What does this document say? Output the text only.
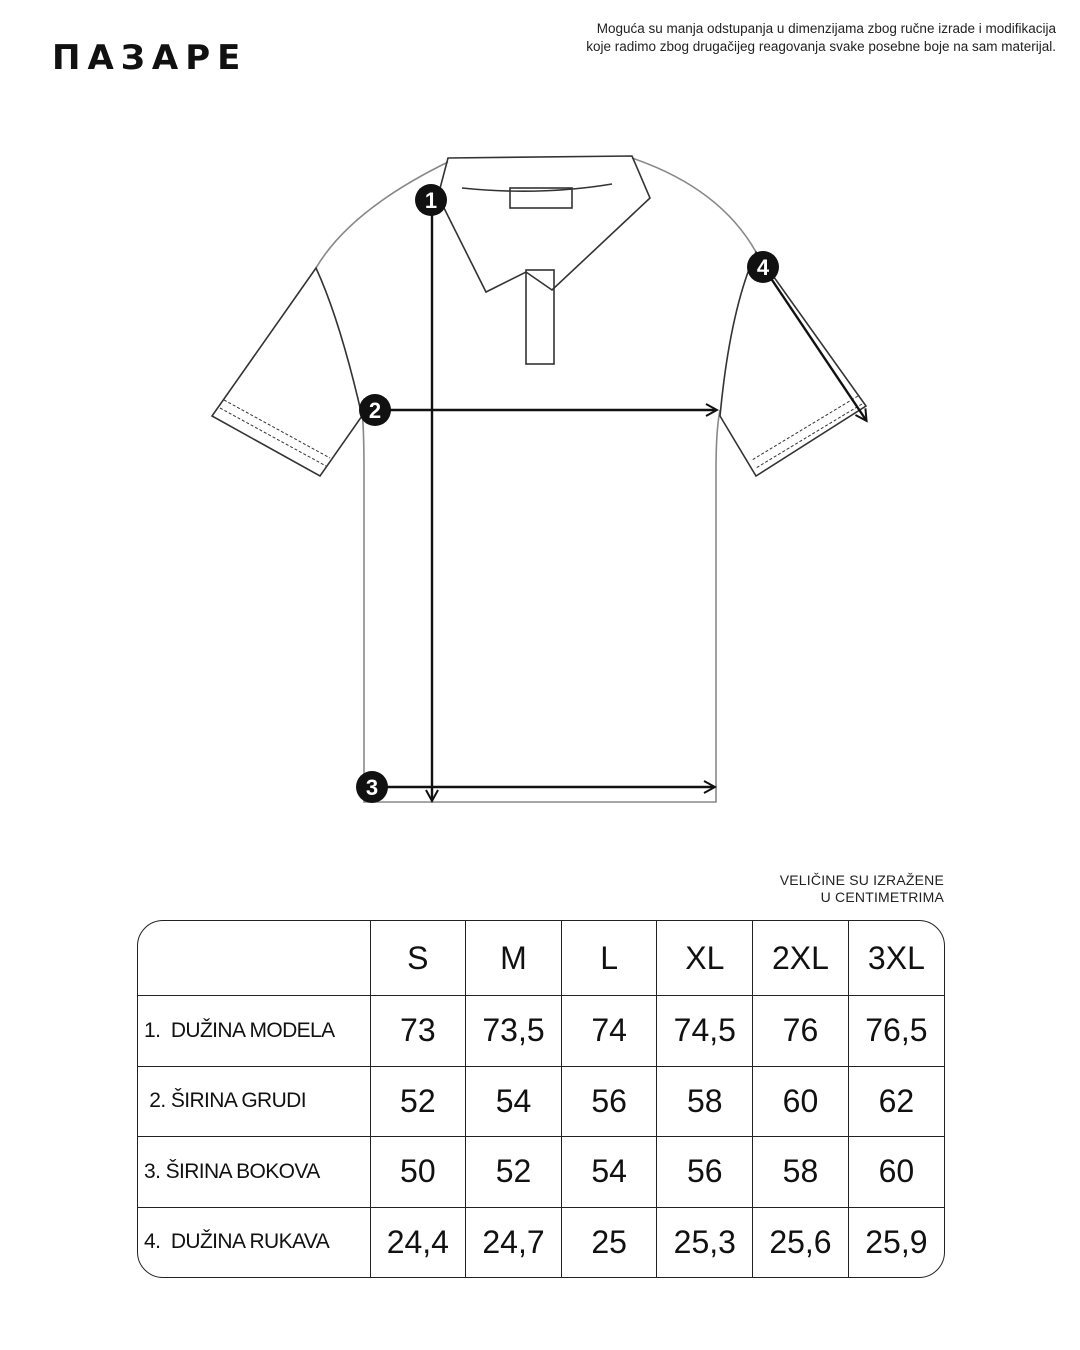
ПАЗАРЕ
Moguća su manja odstupanja u dimenzijama zbog ručne izrade i modifikacija
koje radimo zbog drugačijeg reagovanja svake posebne boje na sam materijal.
1
2
3
4
VELIČINE SU IZRAŽENE
U CENTIMETRIMA
	S	M	L	XL	2XL	3XL
1. DUŽINA MODELA	73	73,5	74	74,5	76	76,5
2. ŠIRINA GRUDI	52	54	56	58	60	62
3. ŠIRINA BOKOVA	50	52	54	56	58	60
4. DUŽINA RUKAVA	24,4	24,7	25	25,3	25,6	25,9
